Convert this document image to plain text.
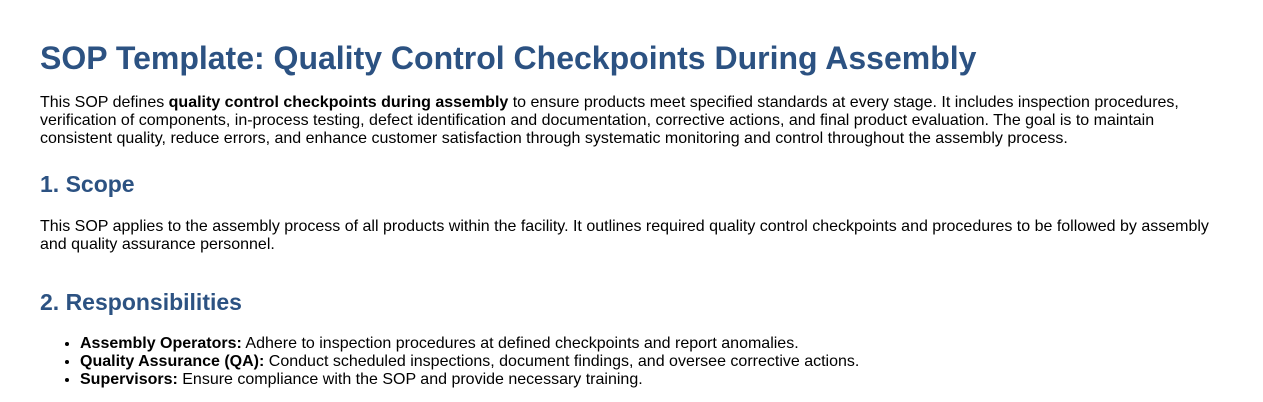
SOP Template: Quality Control Checkpoints During Assembly

This SOP defines quality control checkpoints during assembly to ensure products meet specified standards at every stage. It includes inspection procedures, verification of components, in-process testing, defect identification and documentation, corrective actions, and final product evaluation. The goal is to maintain consistent quality, reduce errors, and enhance customer satisfaction through systematic monitoring and control throughout the assembly process.

1. Scope

This SOP applies to the assembly process of all products within the facility. It outlines required quality control checkpoints and procedures to be followed by assembly and quality assurance personnel.

2. Responsibilities
• Assembly Operators: Adhere to inspection procedures at defined checkpoints and report anomalies.
• Quality Assurance (QA): Conduct scheduled inspections, document findings, and oversee corrective actions.
• Supervisors: Ensure compliance with the SOP and provide necessary training.
